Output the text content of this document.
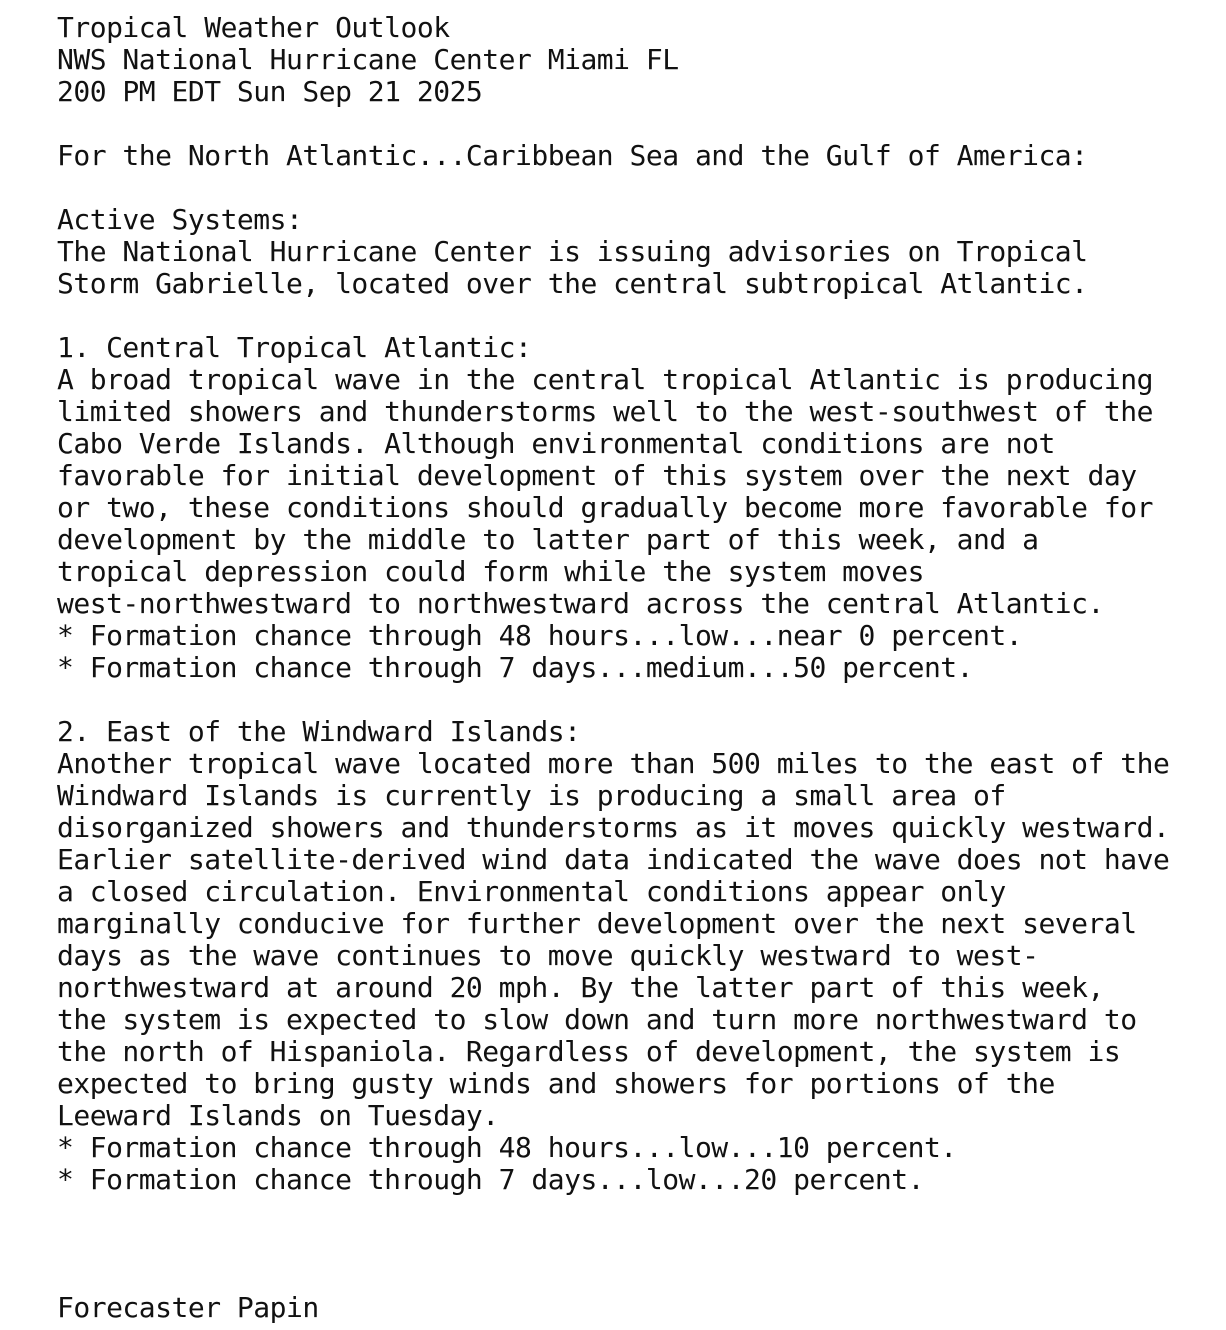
Tropical Weather Outlook
NWS National Hurricane Center Miami FL
200 PM EDT Sun Sep 21 2025
For the North Atlantic...Caribbean Sea and the Gulf of America:
Active Systems:
The National Hurricane Center is issuing advisories on Tropical
Storm Gabrielle, located over the central subtropical Atlantic.
1. Central Tropical Atlantic:
A broad tropical wave in the central tropical Atlantic is producing
limited showers and thunderstorms well to the west-southwest of the
Cabo Verde Islands. Although environmental conditions are not
favorable for initial development of this system over the next day
or two, these conditions should gradually become more favorable for
development by the middle to latter part of this week, and a
tropical depression could form while the system moves
west-northwestward to northwestward across the central Atlantic.
* Formation chance through 48 hours...low...near 0 percent.
* Formation chance through 7 days...medium...50 percent.
2. East of the Windward Islands:
Another tropical wave located more than 500 miles to the east of the
Windward Islands is currently is producing a small area of
disorganized showers and thunderstorms as it moves quickly westward.
Earlier satellite-derived wind data indicated the wave does not have
a closed circulation. Environmental conditions appear only
marginally conducive for further development over the next several
days as the wave continues to move quickly westward to west-
northwestward at around 20 mph. By the latter part of this week,
the system is expected to slow down and turn more northwestward to
the north of Hispaniola. Regardless of development, the system is
expected to bring gusty winds and showers for portions of the
Leeward Islands on Tuesday.
* Formation chance through 48 hours...low...10 percent.
* Formation chance through 7 days...low...20 percent.
Forecaster Papin
